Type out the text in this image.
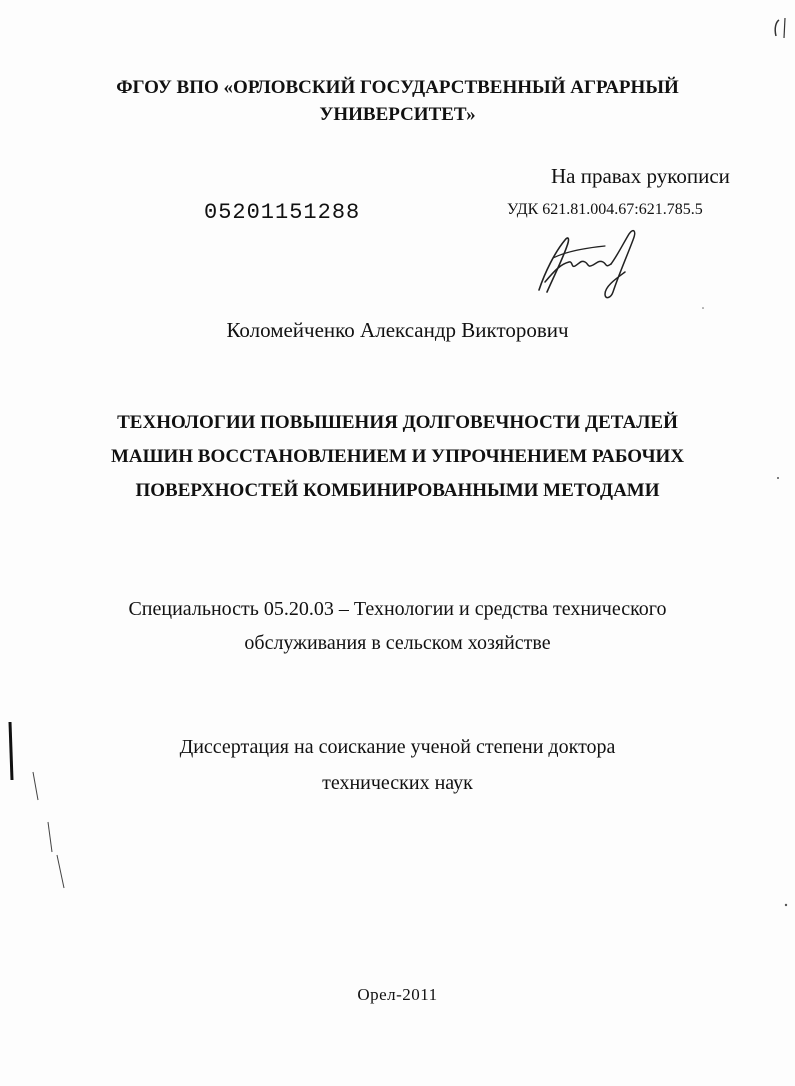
ФГОУ ВПО «ОРЛОВСКИЙ ГОСУДАРСТВЕННЫЙ АГРАРНЫЙ
УНИВЕРСИТЕТ»
На правах рукописи
05201151288	УДК 621.81.004.67:621.785.5
Коломейченко Александр Викторович
ТЕХНОЛОГИИ ПОВЫШЕНИЯ ДОЛГОВЕЧНОСТИ ДЕТАЛЕЙ
МАШИН ВОССТАНОВЛЕНИЕМ И УПРОЧНЕНИЕМ РАБОЧИХ
ПОВЕРХНОСТЕЙ КОМБИНИРОВАННЫМИ МЕТОДАМИ
Специальность 05.20.03 – Технологии и средства технического
обслуживания в сельском хозяйстве
Диссертация на соискание ученой степени доктора
технических наук
Орел-2011
